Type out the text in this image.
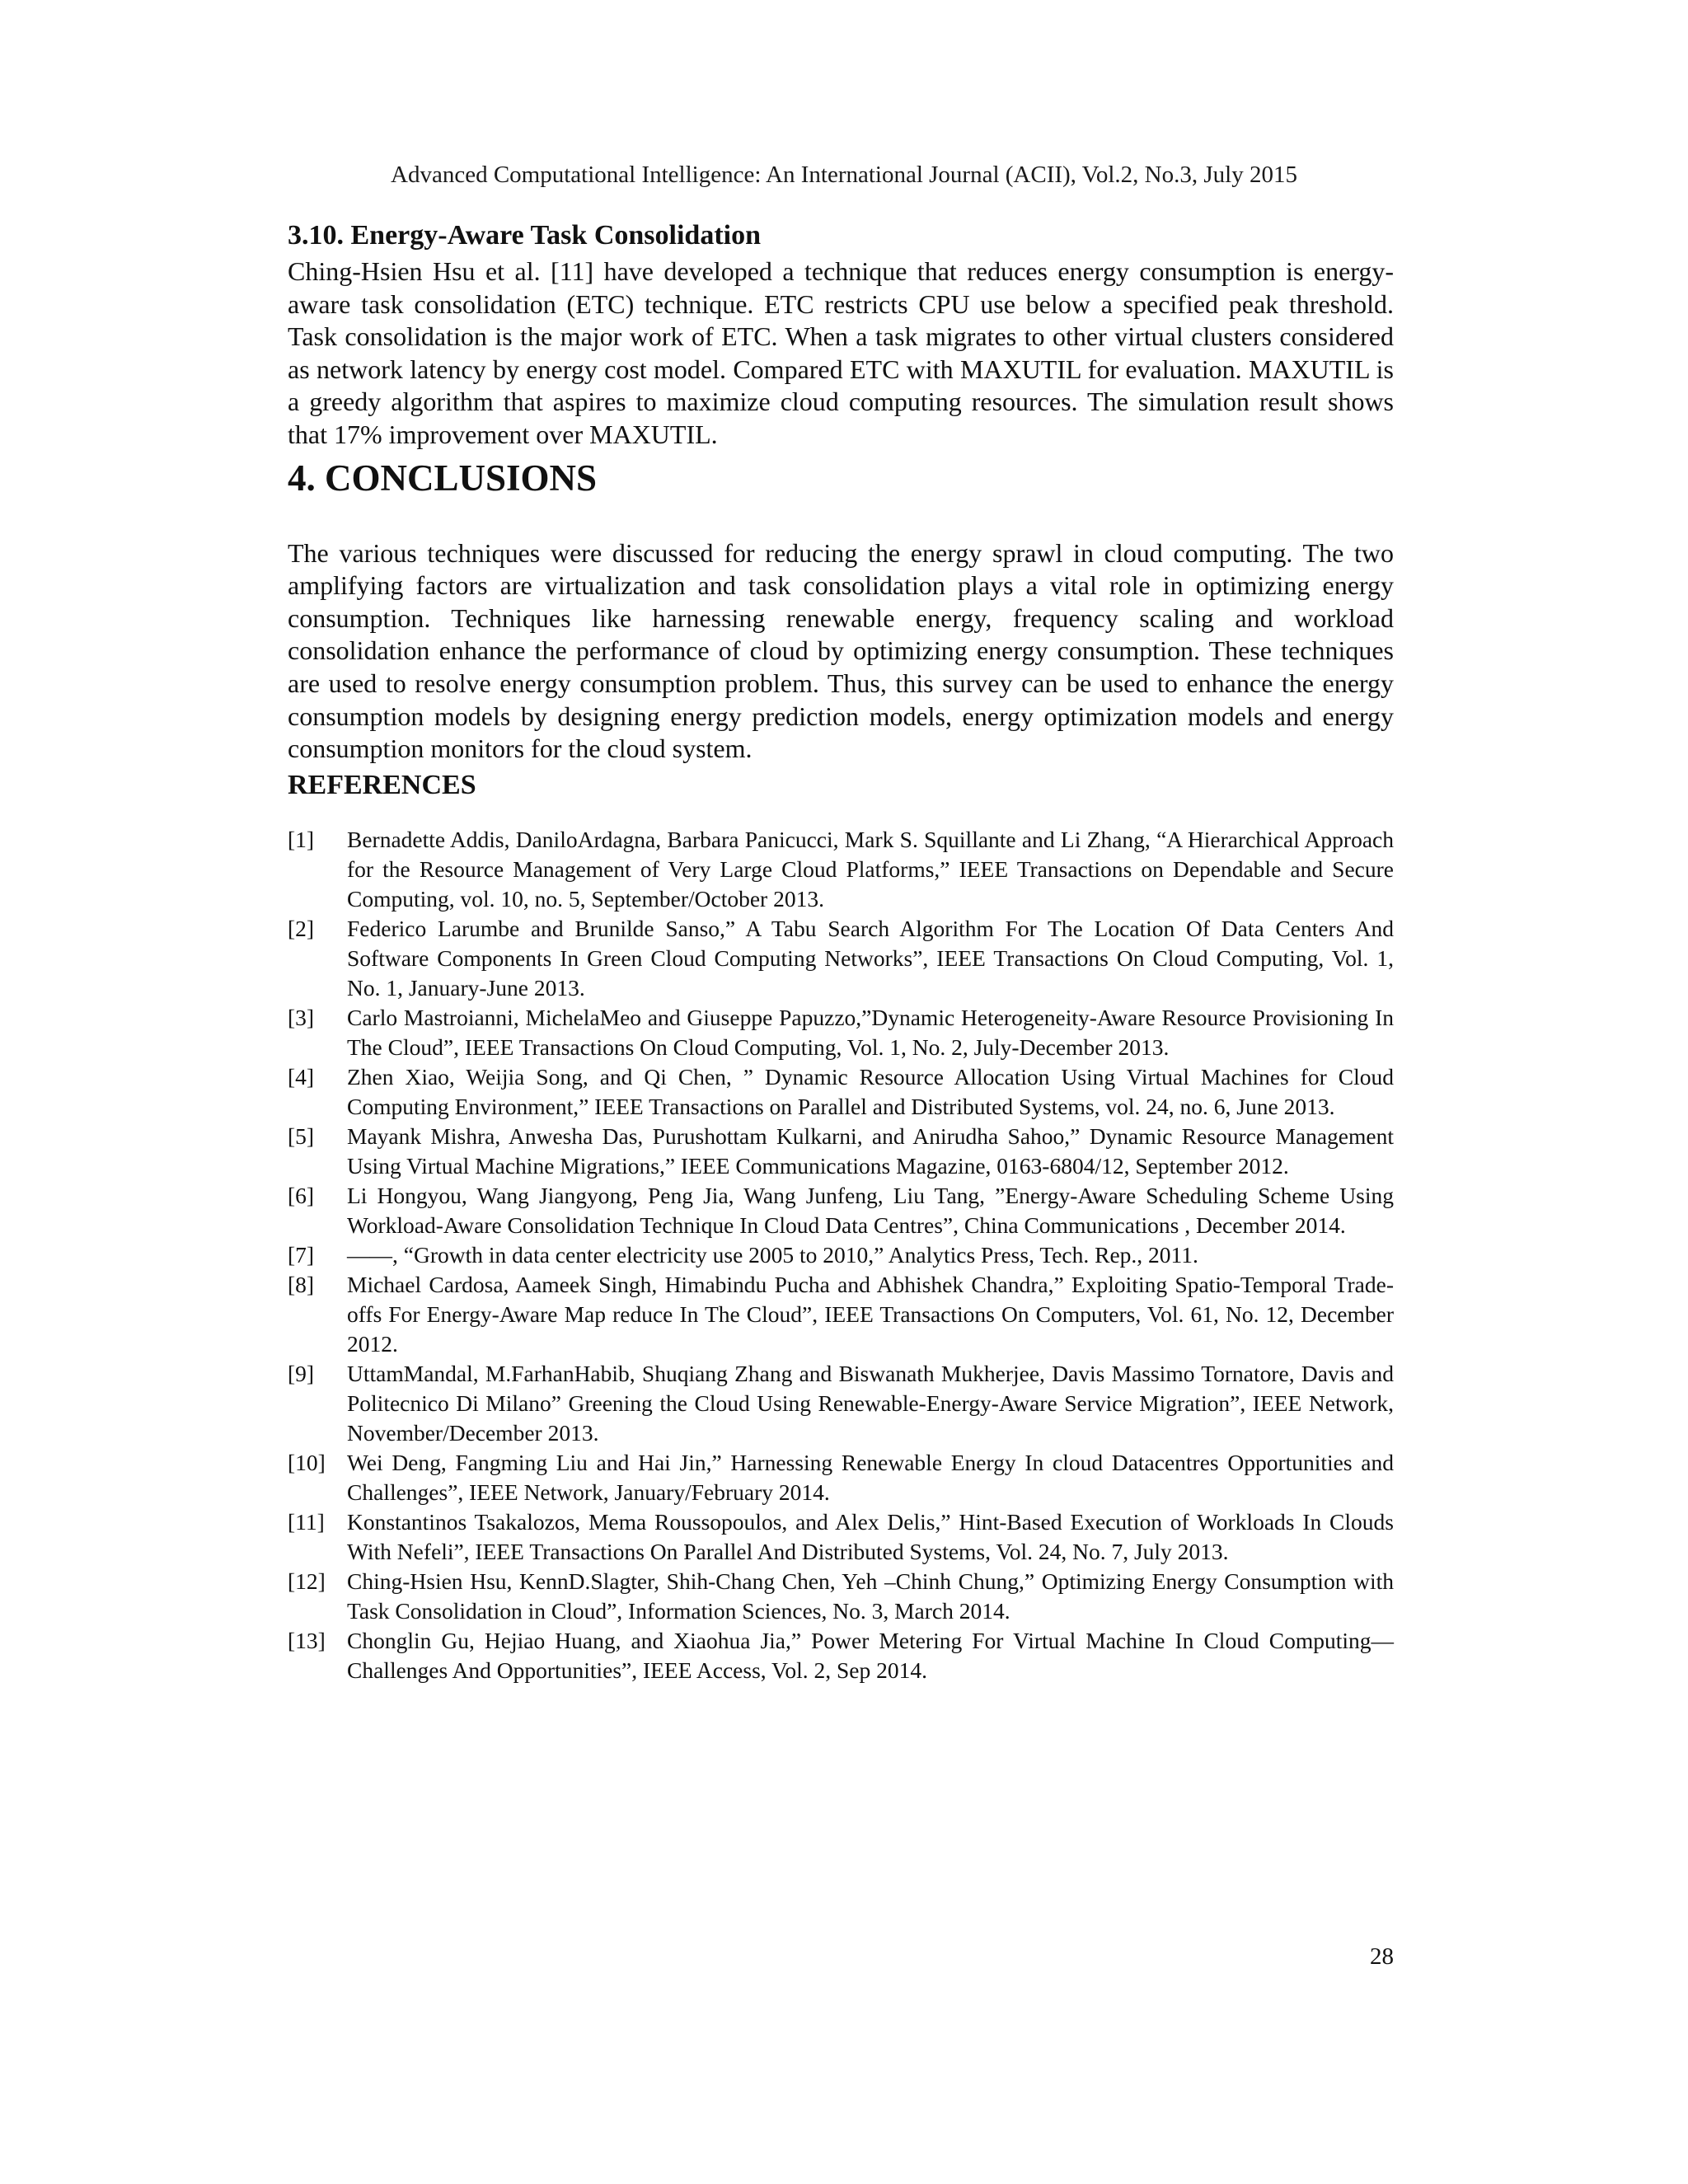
Advanced Computational Intelligence: An International Journal (ACII), Vol.2, No.3, July 2015
3.10. Energy-Aware Task Consolidation

Ching-Hsien Hsu et al. [11] have developed a technique that reduces energy consumption is energy-aware task consolidation (ETC) technique. ETC restricts CPU use below a specified peak threshold. Task consolidation is the major work of ETC. When a task migrates to other virtual clusters considered as network latency by energy cost model. Compared ETC with MAXUTIL for evaluation. MAXUTIL is a greedy algorithm that aspires to maximize cloud computing resources. The simulation result shows that 17% improvement over MAXUTIL.

4. CONCLUSIONS

The various techniques were discussed for reducing the energy sprawl in cloud computing. The two amplifying factors are virtualization and task consolidation plays a vital role in optimizing energy consumption. Techniques like harnessing renewable energy, frequency scaling and workload consolidation enhance the performance of cloud by optimizing energy consumption. These techniques are used to resolve energy consumption problem. Thus, this survey can be used to enhance the energy consumption models by designing energy prediction models, energy optimization models and energy consumption monitors for the cloud system.

REFERENCES
[1]	Bernadette Addis, DaniloArdagna, Barbara Panicucci, Mark S. Squillante and Li Zhang, “A Hierarchical Approach for the Resource Management of Very Large Cloud Platforms,” IEEE Transactions on Dependable and Secure Computing, vol. 10, no. 5, September/October 2013.
[2]	Federico Larumbe and Brunilde Sanso,” A Tabu Search Algorithm For The Location Of Data Centers And Software Components In Green Cloud Computing Networks”, IEEE Transactions On Cloud Computing, Vol. 1, No. 1, January-June 2013.
[3]	Carlo Mastroianni, MichelaMeo and Giuseppe Papuzzo,”Dynamic Heterogeneity-Aware Resource Provisioning In The Cloud”, IEEE Transactions On Cloud Computing, Vol. 1, No. 2, July-December 2013.
[4]	Zhen Xiao, Weijia Song, and Qi Chen, ” Dynamic Resource Allocation Using Virtual Machines for Cloud Computing Environment,” IEEE Transactions on Parallel and Distributed Systems, vol. 24, no. 6, June 2013.
[5]	Mayank Mishra, Anwesha Das, Purushottam Kulkarni, and Anirudha Sahoo,” Dynamic Resource Management Using Virtual Machine Migrations,” IEEE Communications Magazine, 0163-6804/12, September 2012.
[6]	Li Hongyou, Wang Jiangyong, Peng Jia, Wang Junfeng, Liu Tang, ”Energy-Aware Scheduling Scheme Using Workload-Aware Consolidation Technique In Cloud Data Centres”, China Communications , December 2014.
[7]	——, “Growth in data center electricity use 2005 to 2010,” Analytics Press, Tech. Rep., 2011.
[8]	Michael Cardosa, Aameek Singh, Himabindu Pucha and Abhishek Chandra,” Exploiting Spatio-Temporal Trade-offs For Energy-Aware Map reduce In The Cloud”, IEEE Transactions On Computers, Vol. 61, No. 12, December 2012.
[9]	UttamMandal, M.FarhanHabib, Shuqiang Zhang and Biswanath Mukherjee, Davis Massimo Tornatore, Davis and Politecnico Di Milano” Greening the Cloud Using Renewable-Energy-Aware Service Migration”, IEEE Network, November/December 2013.
[10] Wei Deng, Fangming Liu and Hai Jin,” Harnessing Renewable Energy In cloud Datacentres Opportunities and Challenges”, IEEE Network, January/February 2014.
[11] Konstantinos Tsakalozos, Mema Roussopoulos, and Alex Delis,” Hint-Based Execution of Workloads In Clouds With Nefeli”, IEEE Transactions On Parallel And Distributed Systems, Vol. 24, No. 7, July 2013.
[12] Ching-Hsien Hsu, KennD.Slagter, Shih-Chang Chen, Yeh –Chinh Chung,” Optimizing Energy Consumption with Task Consolidation in Cloud”, Information Sciences, No. 3, March 2014.
[13] Chonglin Gu, Hejiao Huang, and Xiaohua Jia,” Power Metering For Virtual Machine In Cloud Computing—Challenges And Opportunities”, IEEE Access, Vol. 2, Sep 2014.
28
